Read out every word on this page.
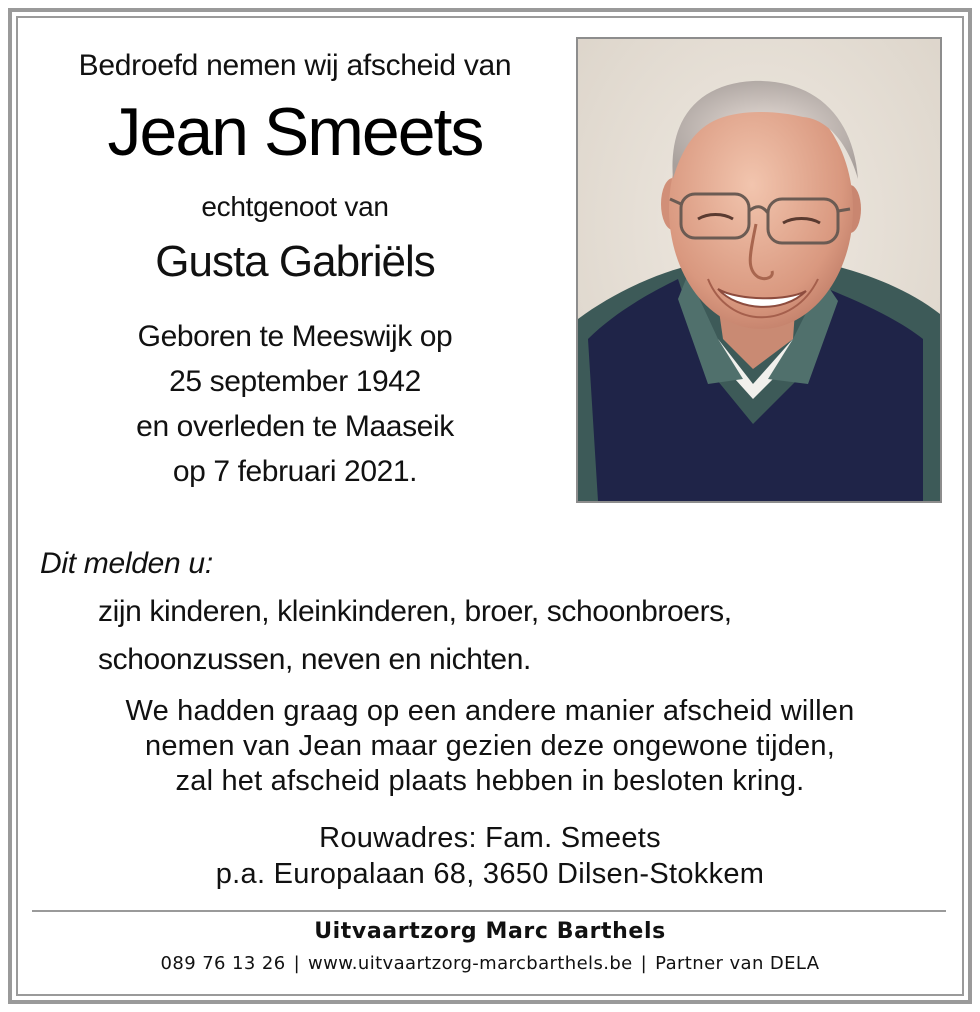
Bedroefd nemen wij afscheid van
Jean Smeets
echtgenoot van
Gusta Gabriëls
Geboren te Meeswijk op
25 september 1942
en overleden te Maaseik
op 7 februari 2021.
Dit melden u:
zijn kinderen, kleinkinderen, broer, schoonbroers,
schoonzussen, neven en nichten.
We hadden graag op een andere manier afscheid willen
nemen van Jean maar gezien deze ongewone tijden,
zal het afscheid plaats hebben in besloten kring.
Rouwadres: Fam. Smeets
p.a. Europalaan 68, 3650 Dilsen-Stokkem
Uitvaartzorg Marc Barthels
089 76 13 26 | www.uitvaartzorg-marcbarthels.be | Partner van DELA
